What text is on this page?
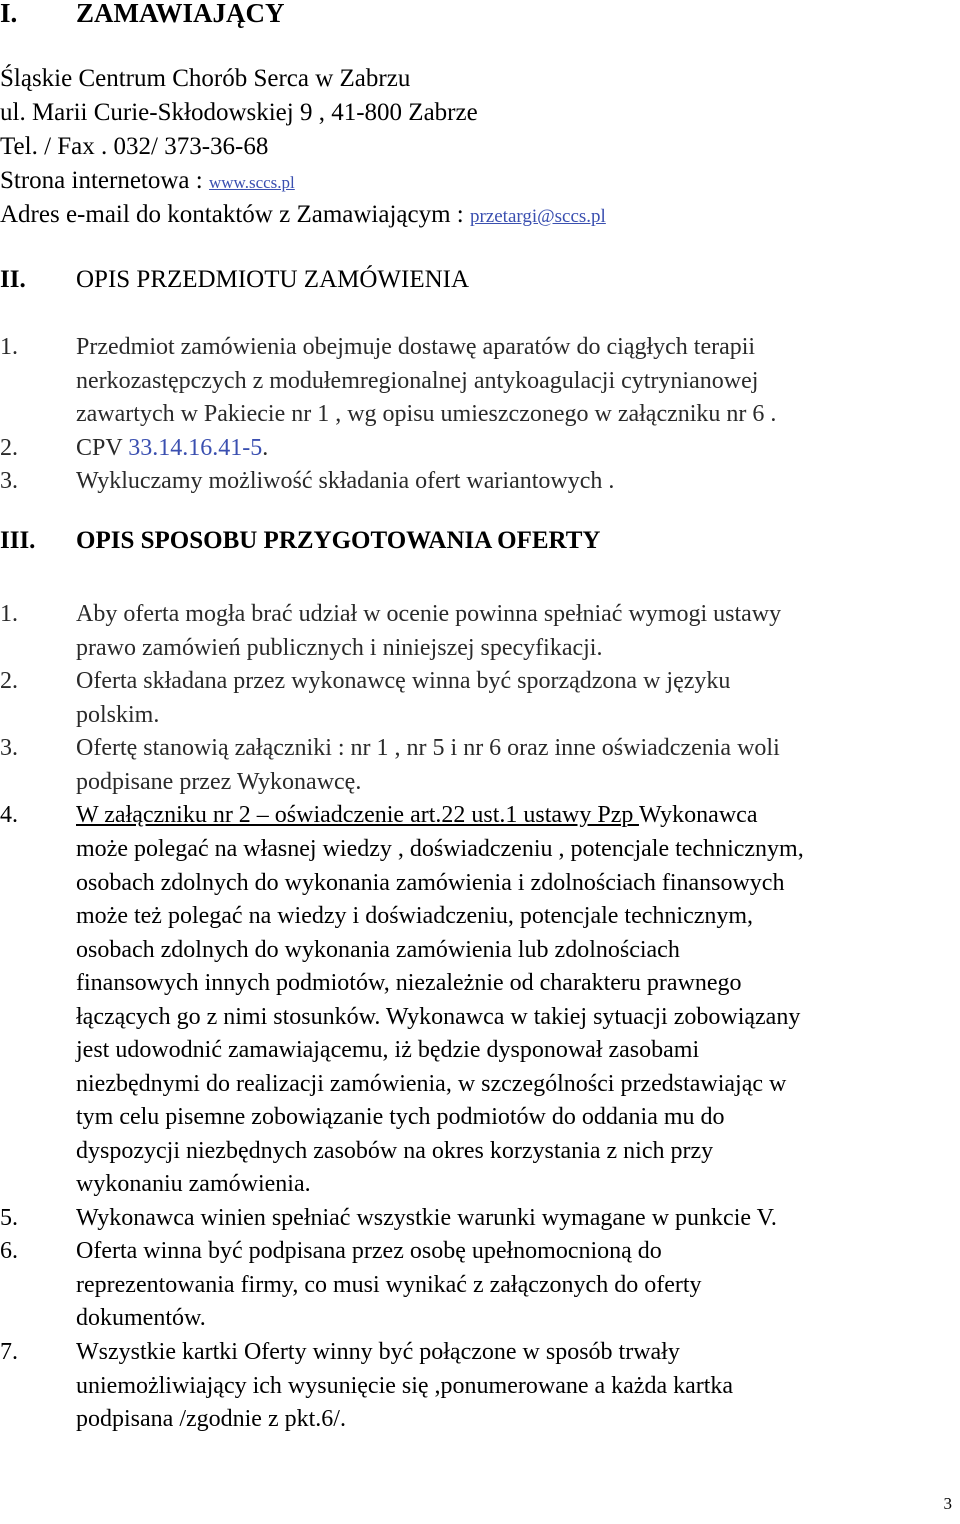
I. ZAMAWIAJĄCY
Śląskie Centrum Chorób Serca w Zabrzu
ul. Marii Curie-Skłodowskiej 9 , 41-800 Zabrze
Tel. / Fax . 032/ 373-36-68
Strona internetowa : www.sccs.pl
Adres e-mail do kontaktów z Zamawiającym : przetargi@sccs.pl
II. OPIS PRZEDMIOTU ZAMÓWIENIA
1. Przedmiot zamówienia obejmuje dostawę aparatów do ciągłych terapii
nerkozastępczych z modułemregionalnej antykoagulacji cytrynianowej
zawartych w Pakiecie nr 1 , wg opisu umieszczonego w załączniku nr 6 .
2. CPV 33.14.16.41-5.
3. Wykluczamy możliwość składania ofert wariantowych .
III. OPIS SPOSOBU PRZYGOTOWANIA OFERTY
1. Aby oferta mogła brać udział w ocenie powinna spełniać wymogi ustawy
prawo zamówień publicznych i niniejszej specyfikacji.
2. Oferta składana przez wykonawcę winna być sporządzona w języku
polskim.
3. Ofertę stanowią załączniki : nr 1 , nr 5 i nr 6 oraz inne oświadczenia woli
podpisane przez Wykonawcę.
4. W załączniku nr 2 – oświadczenie art.22 ust.1 ustawy Pzp Wykonawca
może polegać na własnej wiedzy , doświadczeniu , potencjale technicznym,
osobach zdolnych do wykonania zamówienia i zdolnościach finansowych
może też polegać na wiedzy i doświadczeniu, potencjale technicznym,
osobach zdolnych do wykonania zamówienia lub zdolnościach
finansowych innych podmiotów, niezależnie od charakteru prawnego
łączących go z nimi stosunków. Wykonawca w takiej sytuacji zobowiązany
jest udowodnić zamawiającemu, iż będzie dysponował zasobami
niezbędnymi do realizacji zamówienia, w szczególności przedstawiając w
tym celu pisemne zobowiązanie tych podmiotów do oddania mu do
dyspozycji niezbędnych zasobów na okres korzystania z nich przy
wykonaniu zamówienia.
5. Wykonawca winien spełniać wszystkie warunki wymagane w punkcie V.
6. Oferta winna być podpisana przez osobę upełnomocnioną do
reprezentowania firmy, co musi wynikać z załączonych do oferty
dokumentów.
7. Wszystkie kartki Oferty winny być połączone w sposób trwały
uniemożliwiający ich wysunięcie się ,ponumerowane a każda kartka
podpisana /zgodnie z pkt.6/.
3
